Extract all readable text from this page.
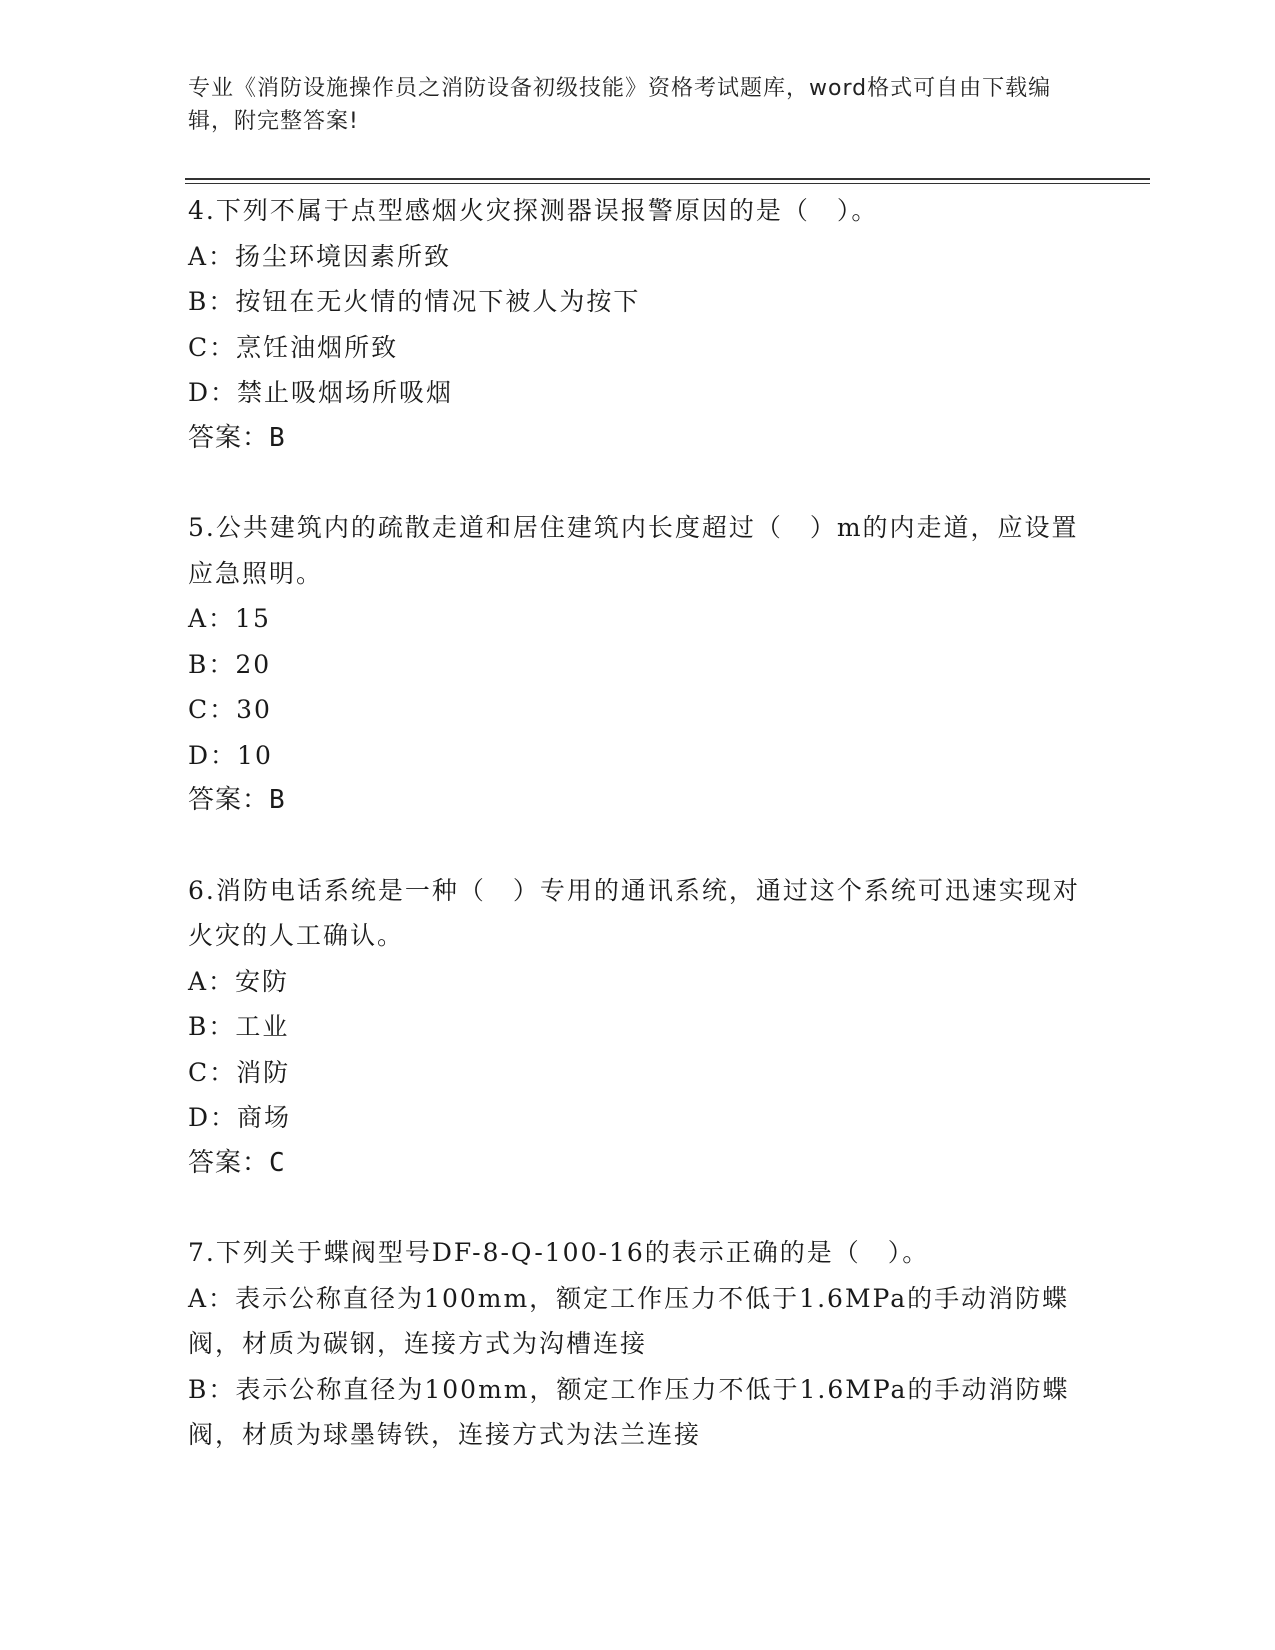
专业《消防设施操作员之消防设备初级技能》资格考试题库，word格式可自由下载编辑，附完整答案!

4.下列不属于点型感烟火灾探测器误报警原因的是（　）。

A：扬尘环境因素所致

B：按钮在无火情的情况下被人为按下

C：烹饪油烟所致

D：禁止吸烟场所吸烟

答案：B

5.公共建筑内的疏散走道和居住建筑内长度超过（　）m的内走道，应设置应急照明。

A：15

B：20

C：30

D：10

答案：B

6.消防电话系统是一种（　）专用的通讯系统，通过这个系统可迅速实现对火灾的人工确认。

A：安防

B：工业

C：消防

D：商场

答案：C

7.下列关于蝶阀型号DF-8-Q-100-16的表示正确的是（　）。

A：表示公称直径为100mm，额定工作压力不低于1.6MPa的手动消防蝶阀，材质为碳钢，连接方式为沟槽连接

B：表示公称直径为100mm，额定工作压力不低于1.6MPa的手动消防蝶阀，材质为球墨铸铁，连接方式为法兰连接
